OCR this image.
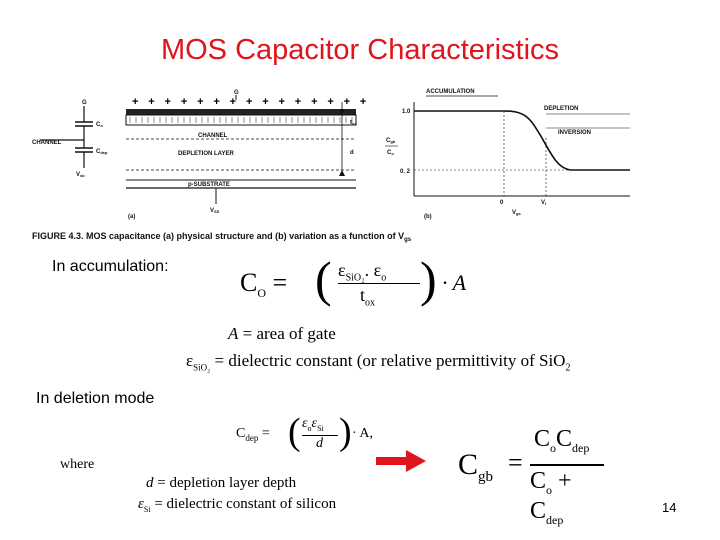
MOS Capacitor Characteristics
G
Co
CHANNEL
Cdep
Vsb
G
+ + + + + + + + + + + + + + +
CHANNEL
DEPLETION LAYER
p-SUBSTRATE
VSS
(a)
tox
d
ACCUMULATION
DEPLETION
INVERSION
1.0
0. 2
0	Vt
Vgs
Cgb
Co
(b)
FIGURE 4.3. MOS capacitance (a) physical structure and (b) variation as a function of $V_{gs}$
In accumulation:
$C_O$ = ( $\varepsilon_{SiO_2}$. $\varepsilon_o$
$t_{ox}$ ) · A
A = area of gate
$\varepsilon_{SiO_2}$ = dielectric constant (or relative permittivity of SiO$_2$
In deletion mode
$C_{dep}$ = ( $\varepsilon_o\varepsilon_{Si}$
d ) · A,
where
d = depletion layer depth
$\varepsilon_{Si}$ = dielectric constant of silicon
$C_{gb}$ =
$C_oC_{dep}$
$C_o + C_{dep}$
14
